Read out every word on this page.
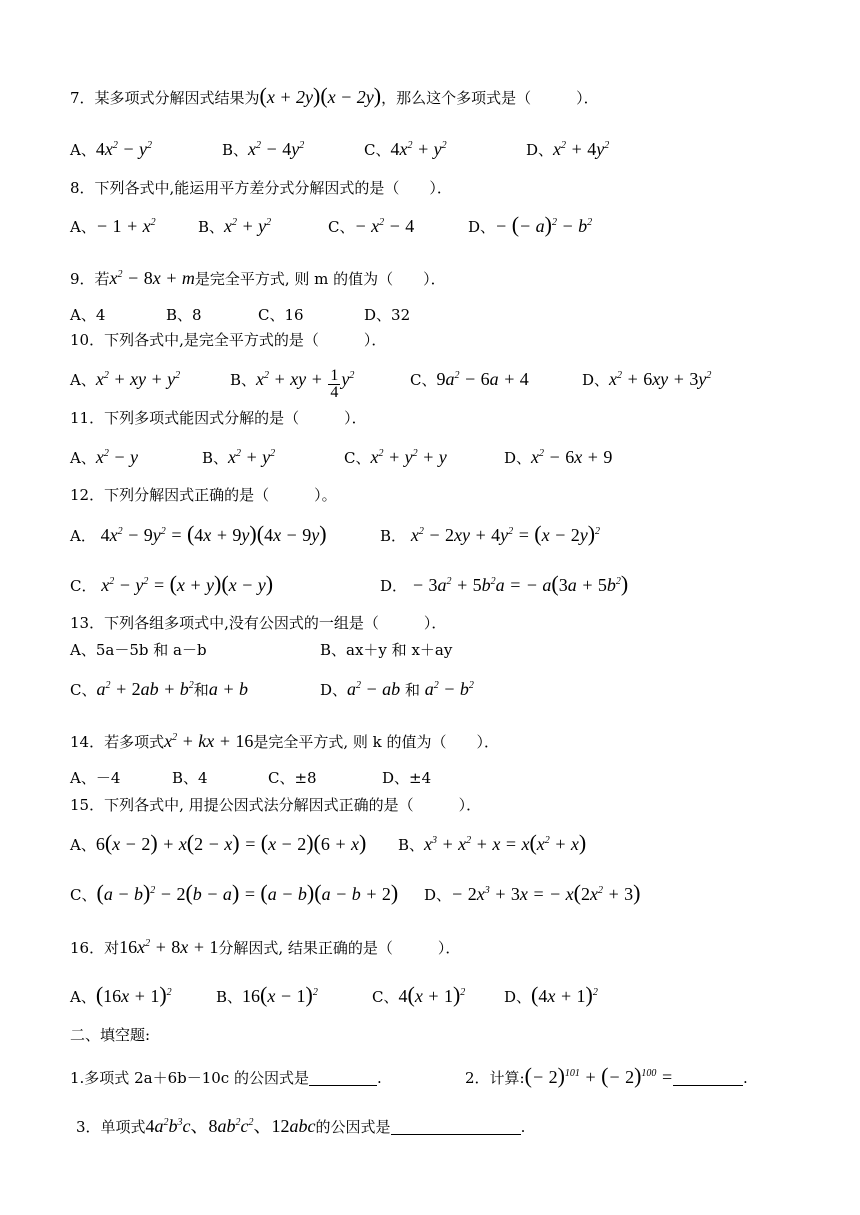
7．某多项式分解因式结果为(x + 2y)(x − 2y)，那么这个多项式是（　　　）．
A、$4x^2 - y^2$	B、$x^2 - 4y^2$	C、$4x^2 + y^2$	D、$x^2 + 4y^2$
8．下列各式中,能运用平方差分式分解因式的是（　　）．
A、− $1 + x^2$	B、$x^2 + y^2$	C、− $x^2 - 4$	D、− (− $a)^2 - b^2$
9．若$x^2 - 8x + m$是完全平方式, 则 m 的值为（　　）．
A、4	B、8	C、16	D、32
10．下列各式中,是完全平方式的是（　　　）．
A、$x^2$ + xy + $y^2$	B、$x^2$ + xy + $\frac{1}{4} y^2$	C、$9a^2 - 6a + 4$	D、$x^2 + 6xy + 3y^2$
11．下列多项式能因式分解的是（　　　）．
A、$x^2 - y$	B、$x^2 + y^2$	C、$x^2 + y^2 + y$	D、$x^2 - 6x + 9$
12．下列分解因式正确的是（　　　）。
A． $4x^2 - 9y^2 = (4x + 9y)(4x - 9y)$	B． $x^2 - 2xy + 4y^2 = (x - 2y)^2$
C． $x^2 - y^2 = (x + y)(x - y)$	D． − $3a^2 + 5b^2a$ = − $a(3a + 5b^2)$
13．下列各组多项式中,没有公因式的一组是（　　　）．
A、5a－5b 和 a－b	B、ax＋y 和 x＋ay
C、$a^2 + 2ab + b^2$和a + b	D、$a^2$ − ab 和 $a^2 - b^2$
14．若多项式$x^2$ + kx + 16是完全平方式, 则 k 的值为（　　）．
A、－4	B、4	C、±8	D、±4
15．下列各式中, 用提公因式法分解因式正确的是（　　　）．
A、6(x − 2) + x(2 − x) = (x − 2)(6 + x) B、$x^3 + x^2 + x = x(x^2 + x)$
C、$(a - b)^2 - 2(b - a) = (a - b)(a - b + 2)$ D、− $2x^3 + 3x$ = − $x(2x^2 + 3)$
16．对$16x^2 + 8x + 1$分解因式, 结果正确的是（　　　）．
A、$(16x + 1)^2$	B、$16(x - 1)^2$	C、$4(x + 1)^2$	D、$(4x + 1)^2$
二、填空题:
1.多项式 2a＋6b－10c 的公因式是	.	2．计算:(− 2)$^{101}$ + (− 2)$^{100}$ =	.
3．单项式$4a^2b^3c$、$8ab^2c^2$、12abc的公因式是	.
